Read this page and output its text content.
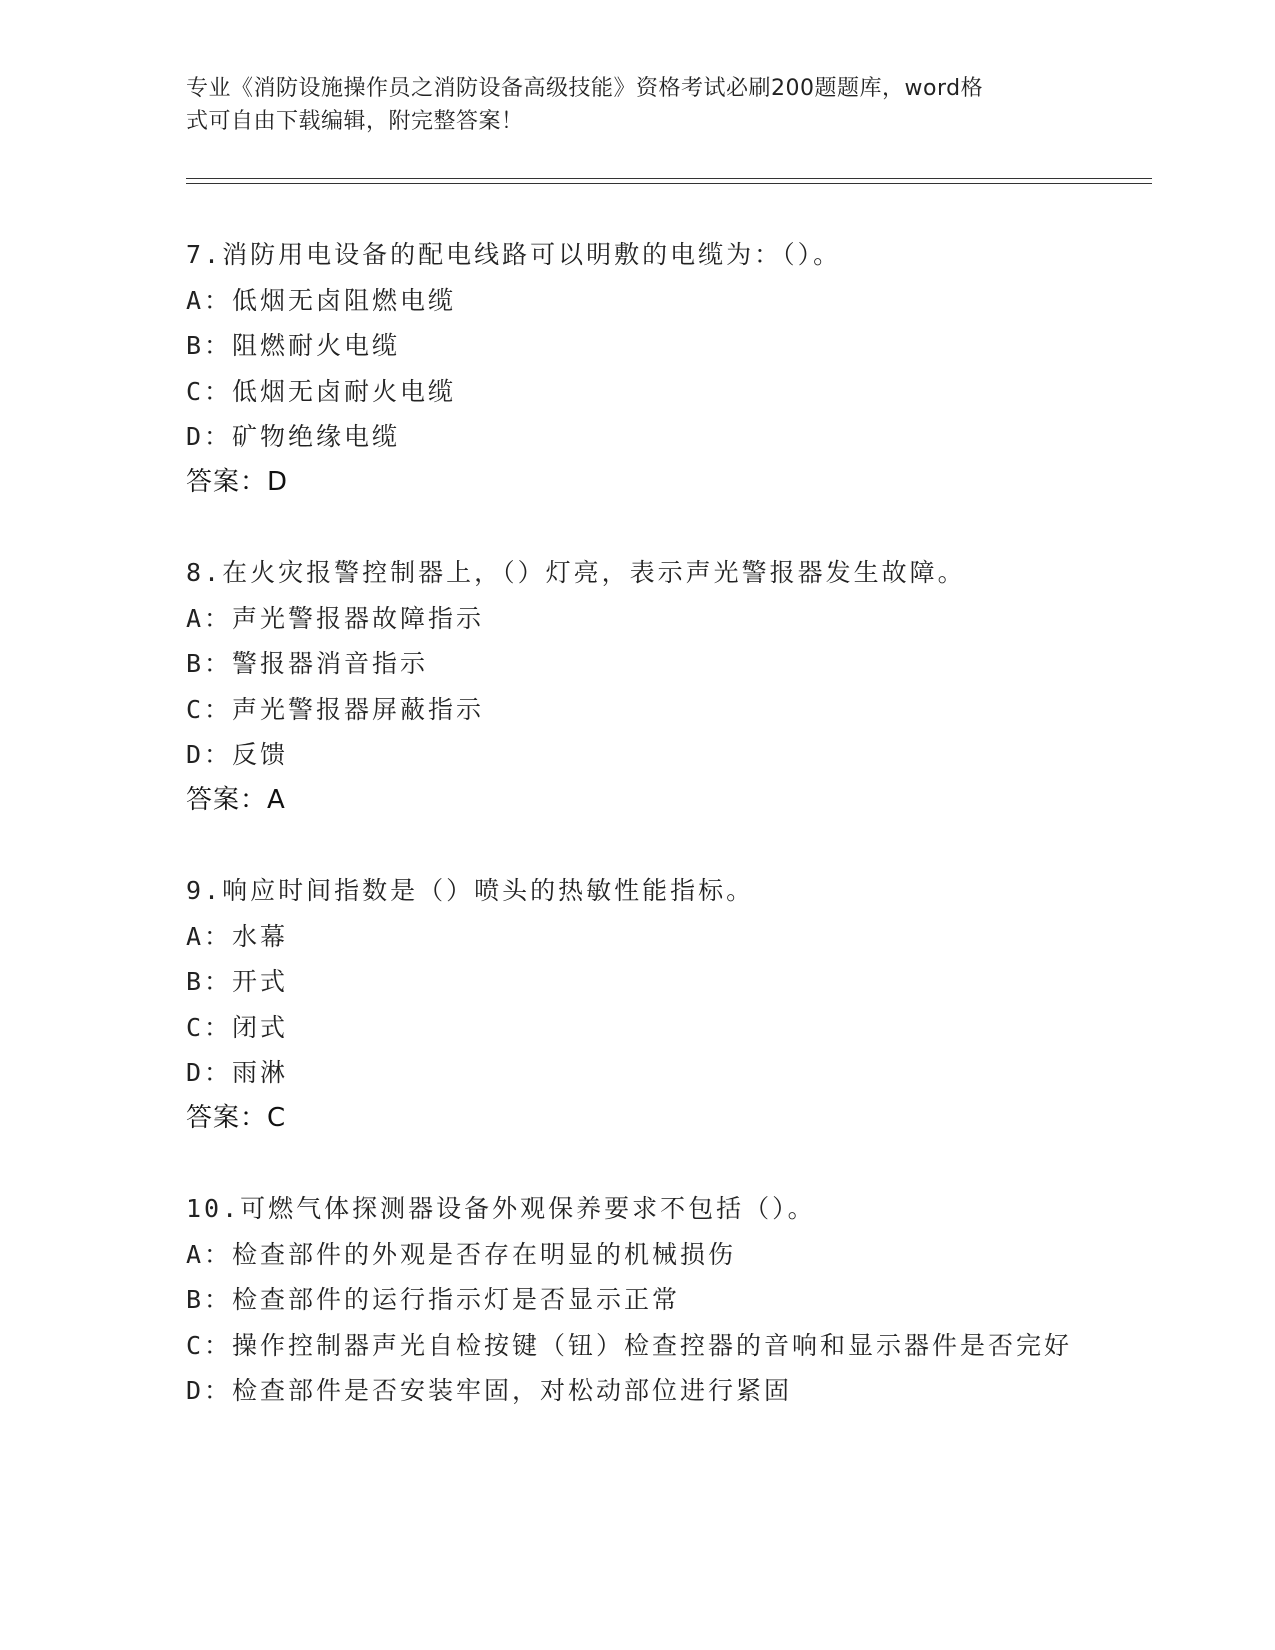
专业《消防设施操作员之消防设备高级技能》资格考试必刷200题题库，word格
式可自由下载编辑，附完整答案！

7.消防用电设备的配电线路可以明敷的电缆为：（）。

A：低烟无卤阻燃电缆

B：阻燃耐火电缆

C：低烟无卤耐火电缆

D：矿物绝缘电缆

答案：D

8.在火灾报警控制器上，（）灯亮，表示声光警报器发生故障。

A：声光警报器故障指示

B：警报器消音指示

C：声光警报器屏蔽指示

D：反馈

答案：A

9.响应时间指数是（）喷头的热敏性能指标。

A：水幕

B：开式

C：闭式

D：雨淋

答案：C

10.可燃气体探测器设备外观保养要求不包括（）。

A：检查部件的外观是否存在明显的机械损伤

B：检查部件的运行指示灯是否显示正常

C：操作控制器声光自检按键（钮）检查控器的音响和显示器件是否完好

D：检查部件是否安装牢固，对松动部位进行紧固
